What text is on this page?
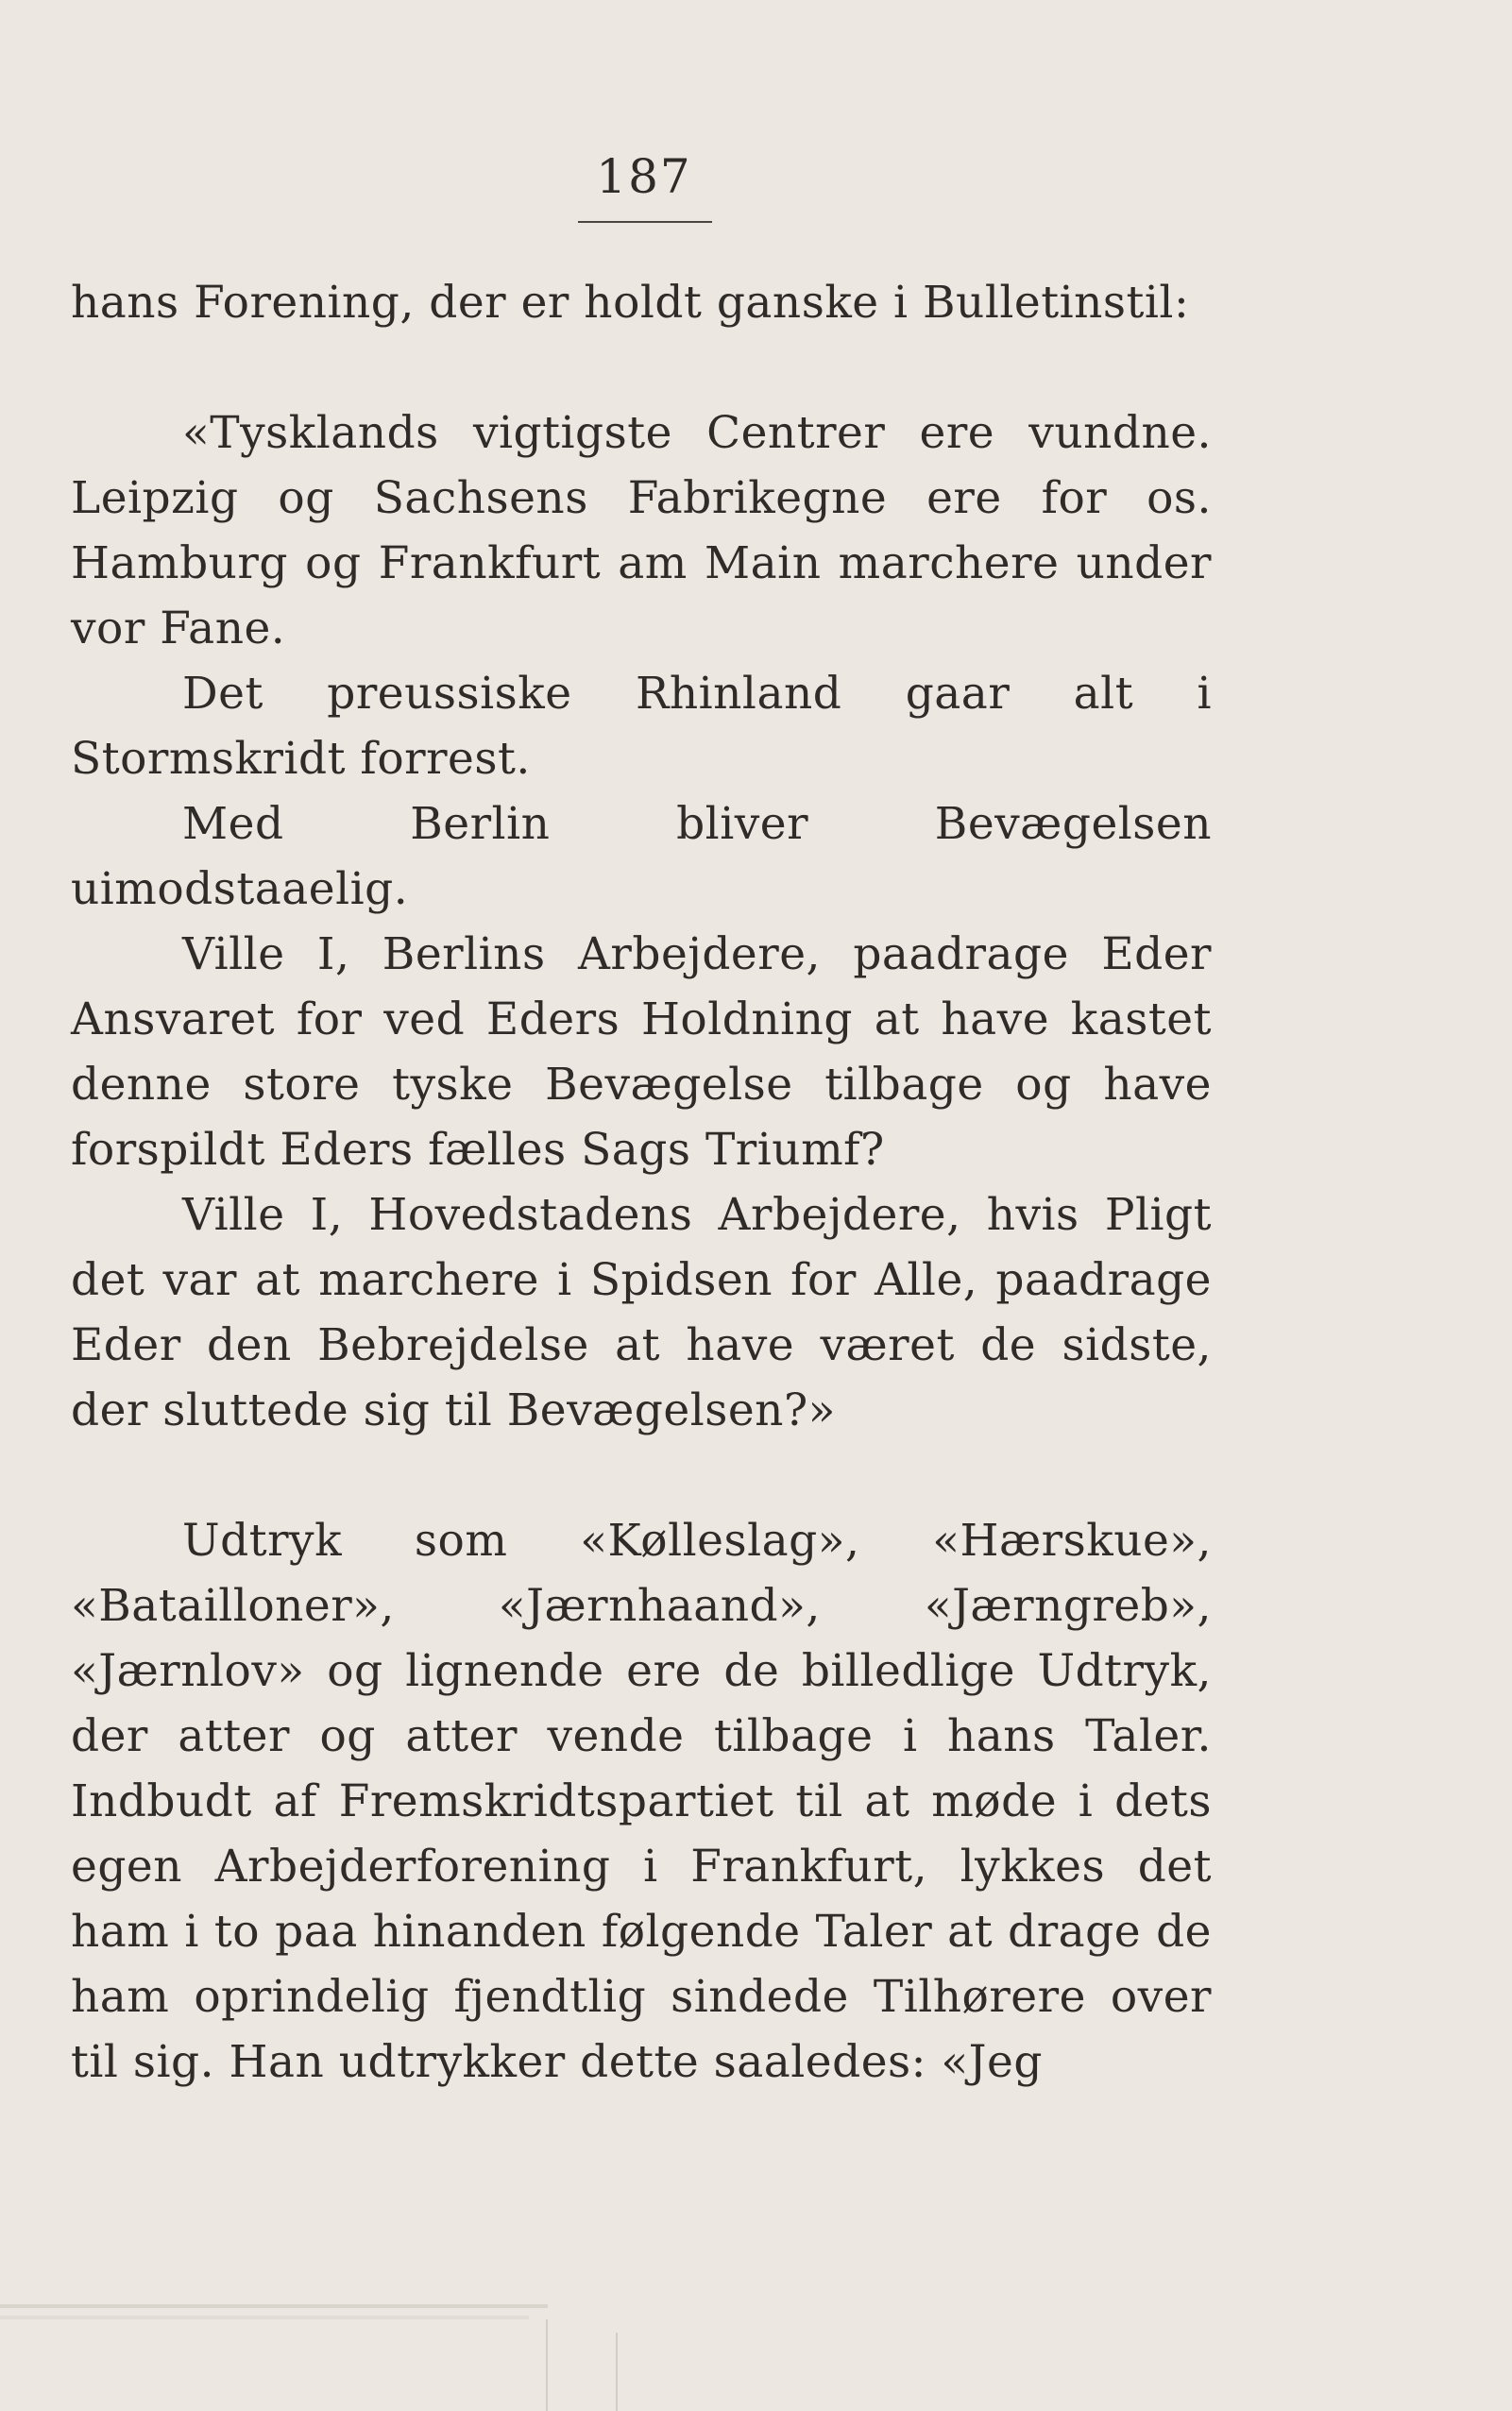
187

hans Forening, der er holdt ganske i Bulletinstil:

«Tysklands vigtigste Centrer ere vundne. Leipzig og Sachsens Fabrikegne ere for os. Hamburg og Frankfurt am Main marchere under vor Fane.

Det preussiske Rhinland gaar alt i Stormskridt forrest.

Med Berlin bliver Bevægelsen uimodstaaelig.

Ville I, Berlins Arbejdere, paadrage Eder Ansvaret for ved Eders Holdning at have kastet denne store tyske Bevægelse tilbage og have forspildt Eders fælles Sags Triumf?

Ville I, Hovedstadens Arbejdere, hvis Pligt det var at marchere i Spidsen for Alle, paadrage Eder den Bebrejdelse at have været de sidste, der sluttede sig til Bevægelsen?»

Udtryk som «Kølleslag», «Hærskue», «Batailloner», «Jærnhaand», «Jærngreb», «Jærnlov» og lignende ere de billedlige Udtryk, der atter og atter vende tilbage i hans Taler. Indbudt af Fremskridtspartiet til at møde i dets egen Arbejderforening i Frankfurt, lykkes det ham i to paa hinanden følgende Taler at drage de ham oprindelig fjendtlig sindede Tilhørere over til sig. Han udtrykker dette saaledes: «Jeg
